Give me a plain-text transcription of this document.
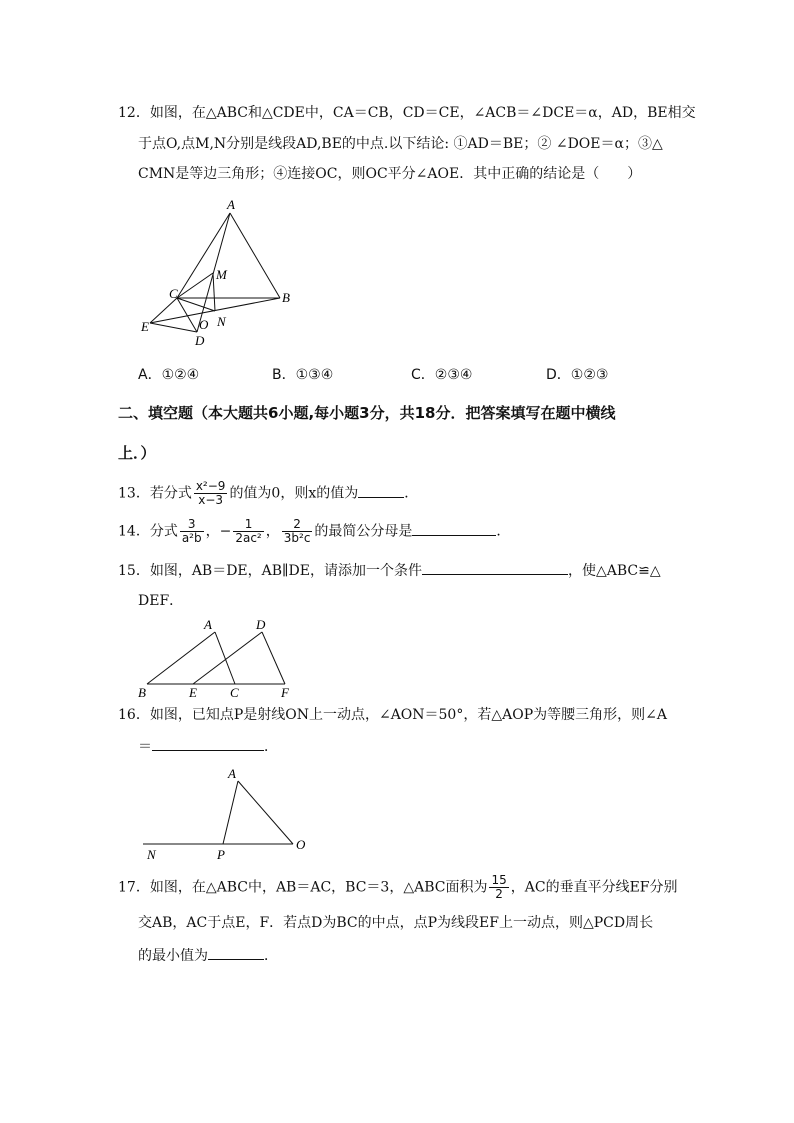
12．如图，在△ABC和△CDE中，CA＝CB，CD＝CE，∠ACB＝∠DCE＝α，AD，BE相交
于点O,点M,N分别是线段AD,BE的中点.以下结论: ①AD＝BE；② ∠DOE＝α；③△
CMN是等边三角形；④连接OC，则OC平分∠AOE．其中正确的结论是（　　）
A
M
C	B
E	O N
D
A．①②④	B．①③④	C．②③④	D．①②③
二、填空题（本大题共6小题,每小题3分，共18分．把答案填写在题中横线
上．）
13．若分式 $\frac{\text{x²−9}}{x-3}$ 的值为0，则x的值为	．
14．分式 $\frac{3}{\text{a²b}}$ ，− $\frac{1}{\text{2ac²}}$ ， $\frac{2}{\text{3b²c}}$ 的最简公分母是	．
15．如图，AB＝DE，AB∥DE，请添加一个条件	，使△ABC≌△
DEF．
A	D
B	E	C	F
16．如图，已知点P是射线ON上一动点，∠AON＝50°，若△AOP为等腰三角形，则∠A
＝	．
A
N	P
O
17．如图，在△ABC中，AB＝AC，BC＝3，△ABC面积为 $\frac{15}{2}$ ，AC的垂直平分线EF分别
交AB，AC于点E，F．若点D为BC的中点，点P为线段EF上一动点，则△PCD周长
的最小值为	．
